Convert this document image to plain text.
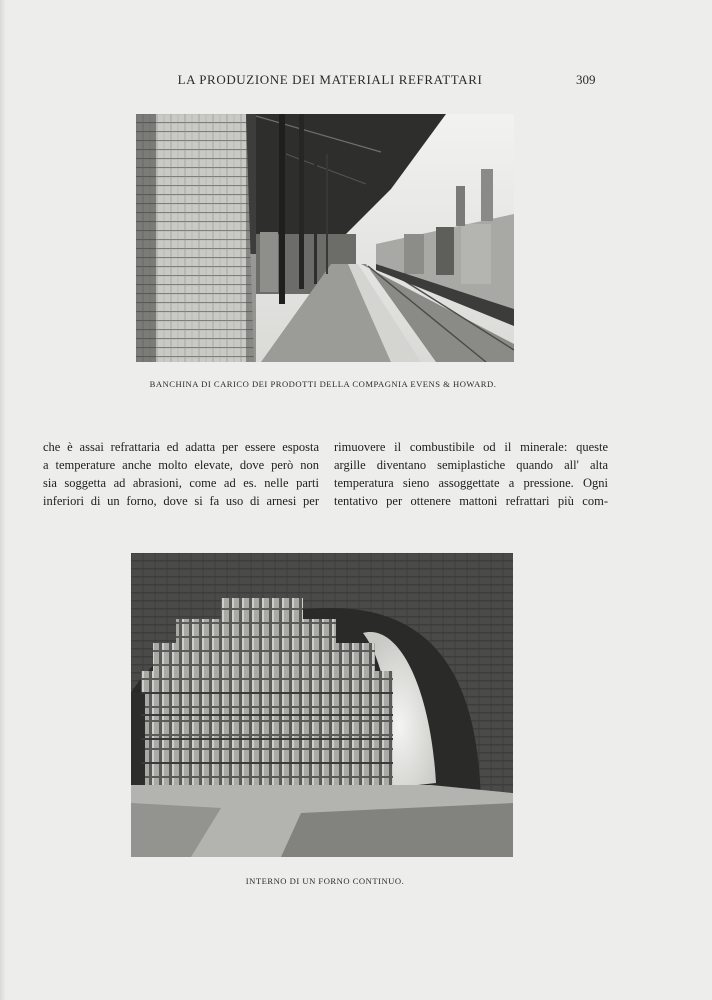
LA PRODUZIONE DEI MATERIALI REFRATTARI	309
BANCHINA DI CARICO DEI PRODOTTI DELLA COMPAGNIA EVENS & HOWARD.
che è assai refrattaria ed adatta per essere esposta
a temperature anche molto elevate, dove però non
sia soggetta ad abrasioni, come ad es. nelle parti
inferiori di un forno, dove si fa uso di arnesi per
rimuovere il combustibile od il minerale: queste
argille diventano semiplastiche quando all' alta
temperatura sieno assoggettate a pressione. Ogni
tentativo per ottenere mattoni refrattari più com-
INTERNO DI UN FORNO CONTINUO.
